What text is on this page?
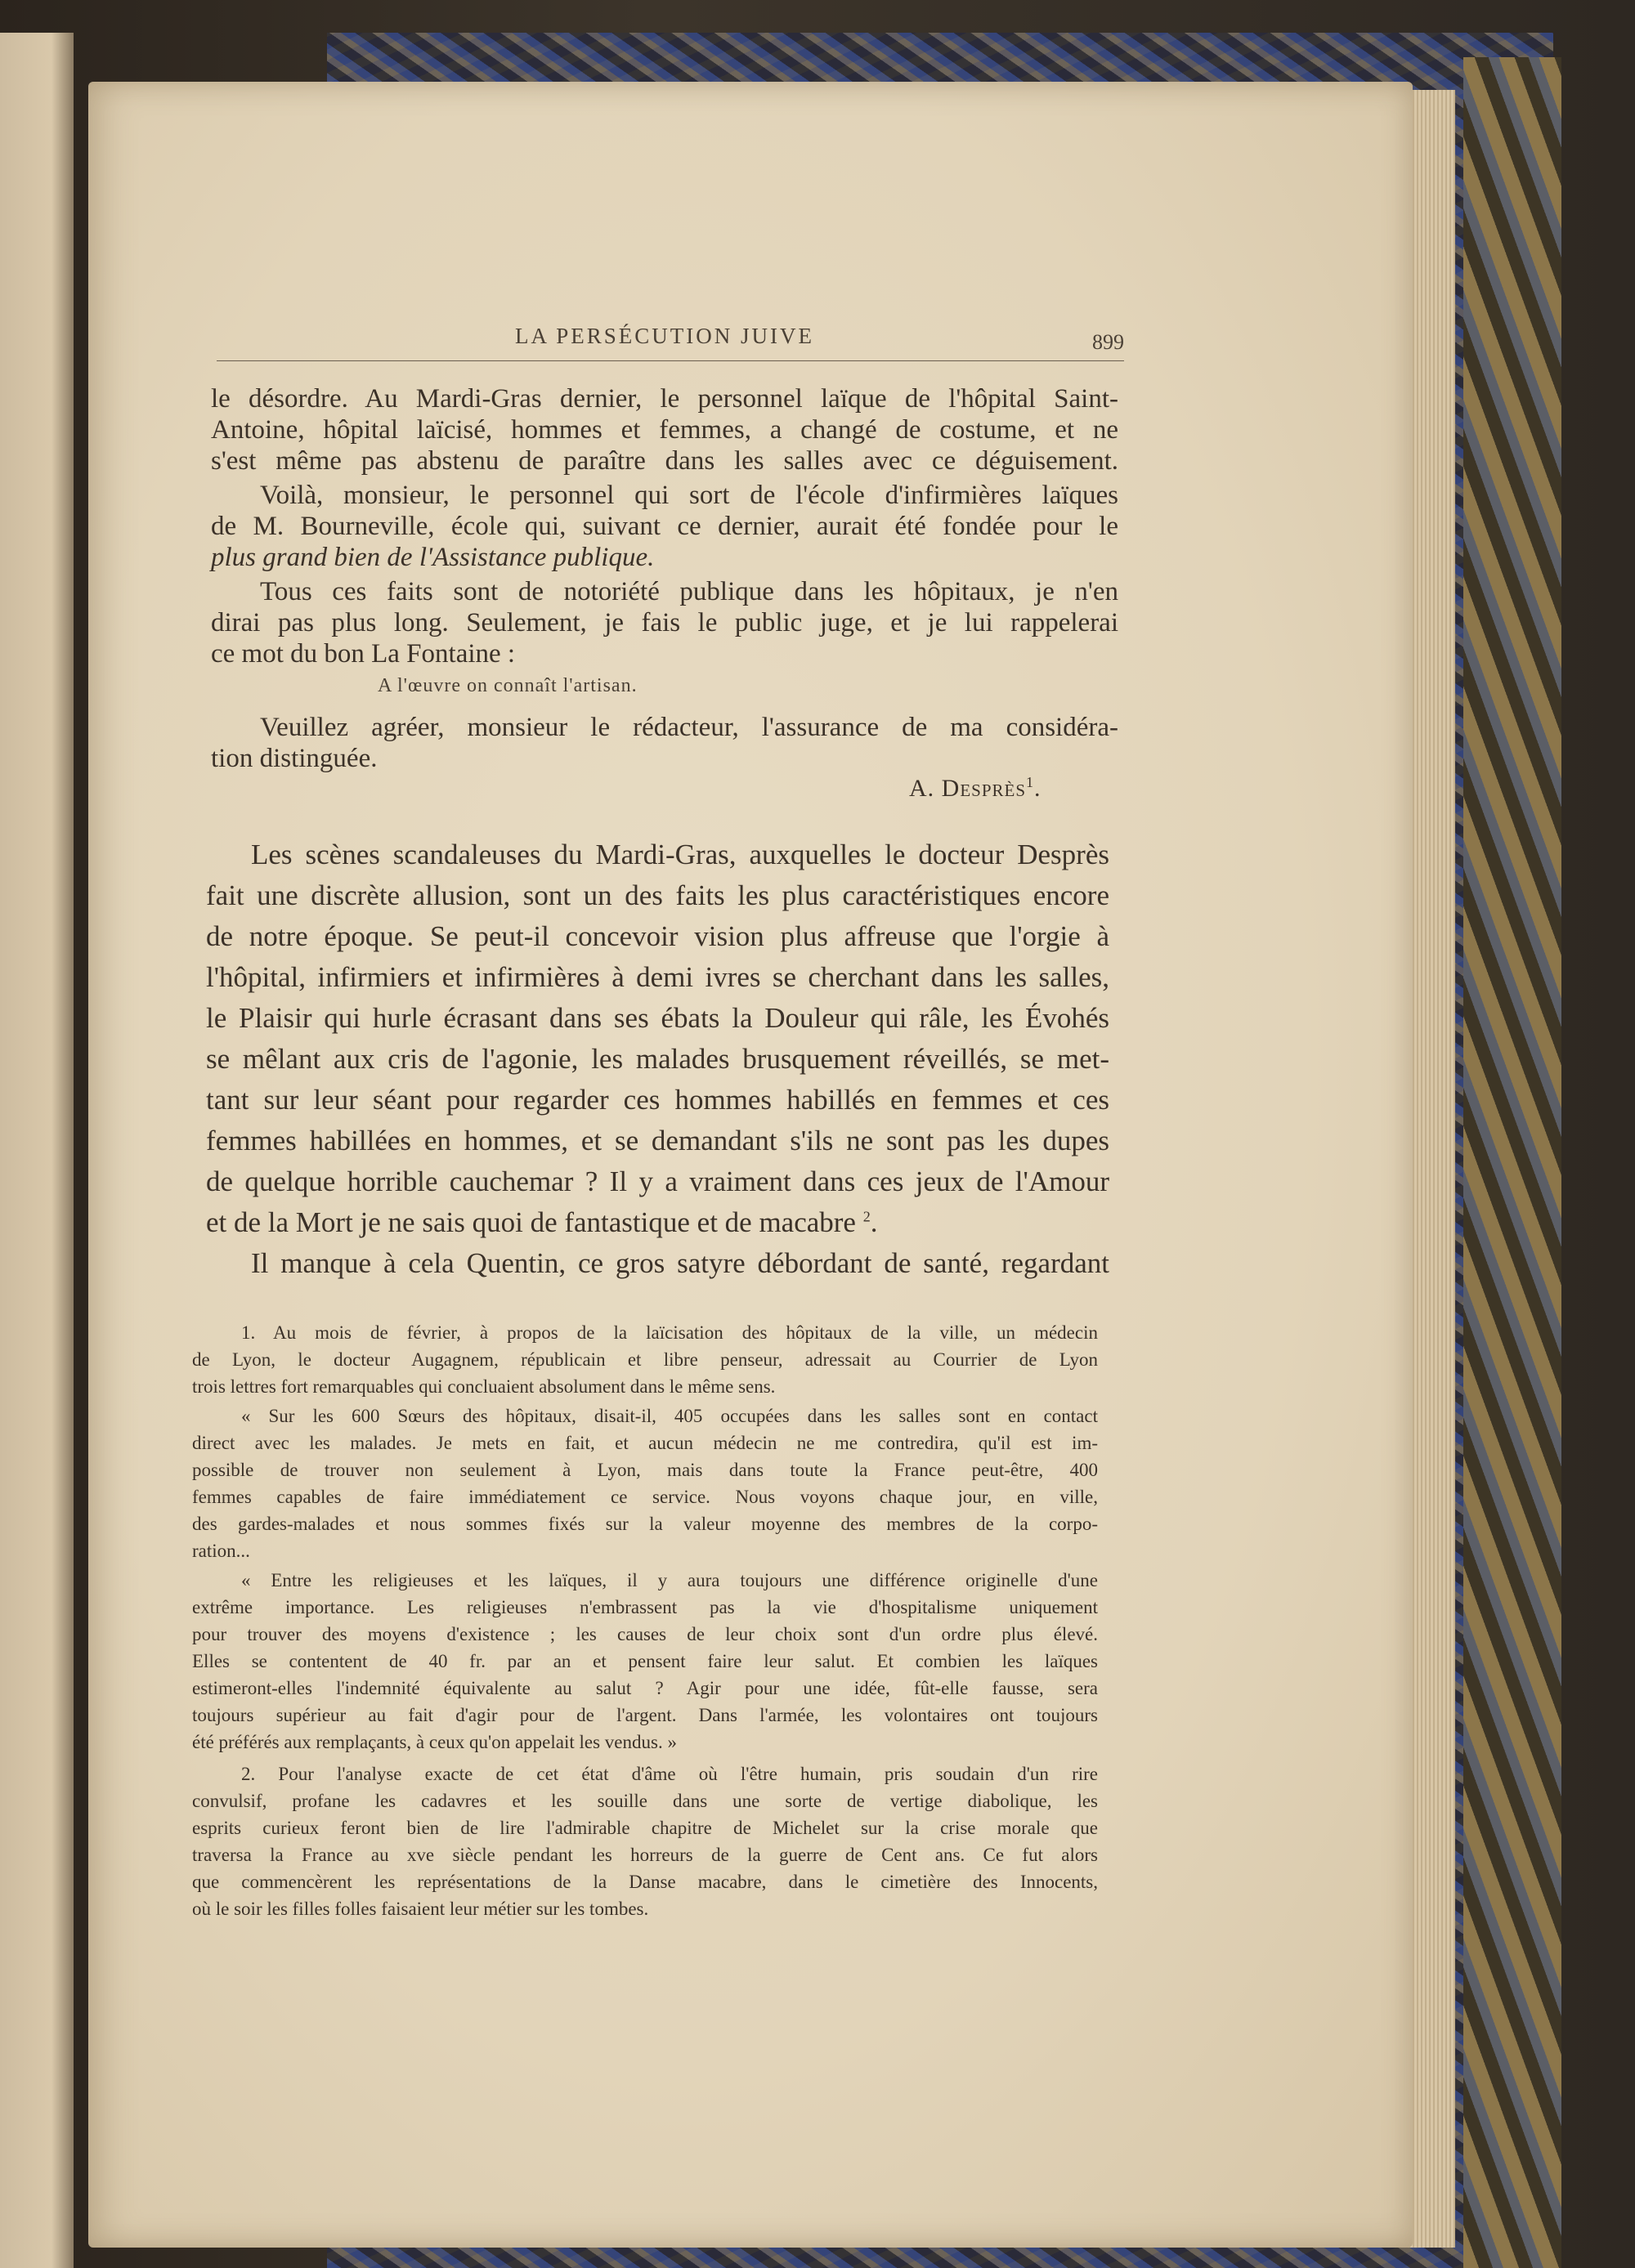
LA PERSÉCUTION JUIVE	899
le désordre. Au Mardi-Gras dernier, le personnel laïque de l'hôpital Saint-
Antoine, hôpital laïcisé, hommes et femmes, a changé de costume, et ne
s'est même pas abstenu de paraître dans les salles avec ce déguisement.
Voilà, monsieur, le personnel qui sort de l'école d'infirmières laïques
de M. Bourneville, école qui, suivant ce dernier, aurait été fondée pour le
plus grand bien de l'Assistance publique.
Tous ces faits sont de notoriété publique dans les hôpitaux, je n'en
dirai pas plus long. Seulement, je fais le public juge, et je lui rappelerai
ce mot du bon La Fontaine :
A l'œuvre on connaît l'artisan.
Veuillez agréer, monsieur le rédacteur, l'assurance de ma considéra-
tion distinguée.
A. Desprès$^1$.
Les scènes scandaleuses du Mardi-Gras, auxquelles le docteur Desprès
fait une discrète allusion, sont un des faits les plus caractéristiques encore
de notre époque. Se peut-il concevoir vision plus affreuse que l'orgie à
l'hôpital, infirmiers et infirmières à demi ivres se cherchant dans les salles,
le Plaisir qui hurle écrasant dans ses ébats la Douleur qui râle, les Évohés
se mêlant aux cris de l'agonie, les malades brusquement réveillés, se met-
tant sur leur séant pour regarder ces hommes habillés en femmes et ces
femmes habillées en hommes, et se demandant s'ils ne sont pas les dupes
de quelque horrible cauchemar ? Il y a vraiment dans ces jeux de l'Amour
et de la Mort je ne sais quoi de fantastique et de macabre $^2$.
Il manque à cela Quentin, ce gros satyre débordant de santé, regardant
1. Au mois de février, à propos de la laïcisation des hôpitaux de la ville, un médecin
de Lyon, le docteur Augagnem, républicain et libre penseur, adressait au Courrier de Lyon
trois lettres fort remarquables qui concluaient absolument dans le même sens.
« Sur les 600 Sœurs des hôpitaux, disait-il, 405 occupées dans les salles sont en contact
direct avec les malades. Je mets en fait, et aucun médecin ne me contredira, qu'il est im-
possible de trouver non seulement à Lyon, mais dans toute la France peut-être, 400
femmes capables de faire immédiatement ce service. Nous voyons chaque jour, en ville,
des gardes-malades et nous sommes fixés sur la valeur moyenne des membres de la corpo-
ration...
« Entre les religieuses et les laïques, il y aura toujours une différence originelle d'une
extrême importance. Les religieuses n'embrassent pas la vie d'hospitalisme uniquement
pour trouver des moyens d'existence ; les causes de leur choix sont d'un ordre plus élevé.
Elles se contentent de 40 fr. par an et pensent faire leur salut. Et combien les laïques
estimeront-elles l'indemnité équivalente au salut ? Agir pour une idée, fût-elle fausse, sera
toujours supérieur au fait d'agir pour de l'argent. Dans l'armée, les volontaires ont toujours
été préférés aux remplaçants, à ceux qu'on appelait les vendus. »
2. Pour l'analyse exacte de cet état d'âme où l'être humain, pris soudain d'un rire
convulsif, profane les cadavres et les souille dans une sorte de vertige diabolique, les
esprits curieux feront bien de lire l'admirable chapitre de Michelet sur la crise morale que
traversa la France au xve siècle pendant les horreurs de la guerre de Cent ans. Ce fut alors
que commencèrent les représentations de la Danse macabre, dans le cimetière des Innocents,
où le soir les filles folles faisaient leur métier sur les tombes.
